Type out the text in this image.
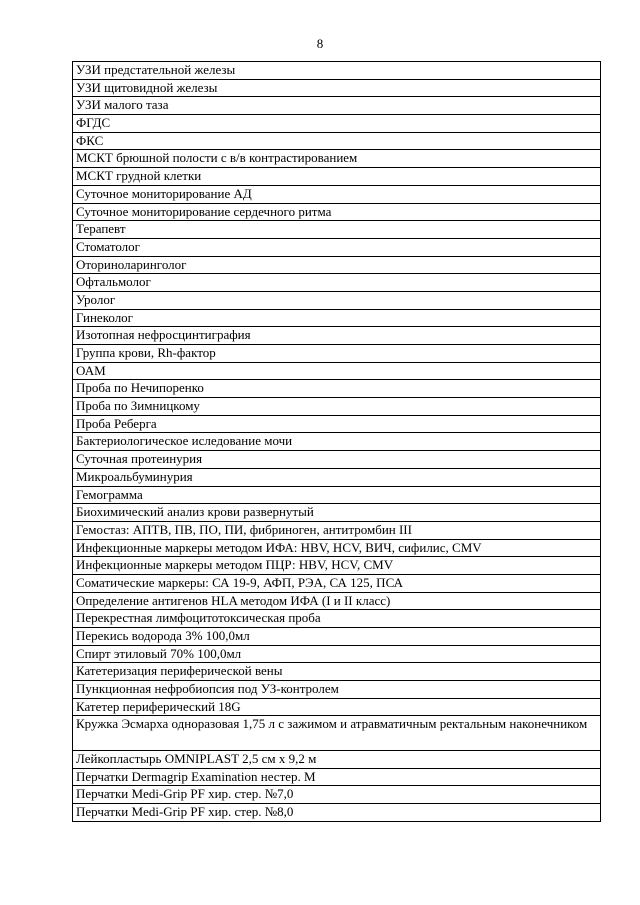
8
УЗИ предстательной железы
УЗИ щитовидной железы
УЗИ малого таза
ФГДС
ФКС
МСКТ брюшной полости с в/в контрастированием
МСКТ грудной клетки
Суточное мониторирование АД
Суточное мониторирование сердечного ритма
Терапевт
Стоматолог
Оториноларинголог
Офтальмолог
Уролог
Гинеколог
Изотопная нефросцинтиграфия
Группа крови, Rh-фактор
ОАМ
Проба по Нечипоренко
Проба по Зимницкому
Проба Реберга
Бактериологическое иследование мочи
Суточная протеинурия
Микроальбуминурия
Гемограмма
Биохимический анализ крови развернутый
Гемостаз: АПТВ, ПВ, ПО, ПИ, фибриноген, антитромбин III
Инфекционные маркеры методом ИФА: HBV, HCV, ВИЧ, сифилис, CMV
Инфекционные маркеры методом ПЦР: HBV, HCV, CMV
Соматические маркеры: СА 19-9, АФП, РЭА, СА 125, ПСА
Определение антигенов HLA методом ИФА (I и II класс)
Перекрестная лимфоцитотоксическая проба
Перекись водорода 3% 100,0мл
Спирт этиловый 70% 100,0мл
Катетеризация периферической вены
Пункционная нефробиопсия под УЗ-контролем
Катетер периферический 18G
Кружка Эсмарха одноразовая 1,75 л с зажимом и атравматичным ректальным наконечником
Лейкопластырь OMNIPLAST 2,5 см х 9,2 м
Перчатки Dermagrip Examination нестер. М
Перчатки Medi-Grip PF хир. стер. №7,0
Перчатки Medi-Grip PF хир. стер. №8,0
